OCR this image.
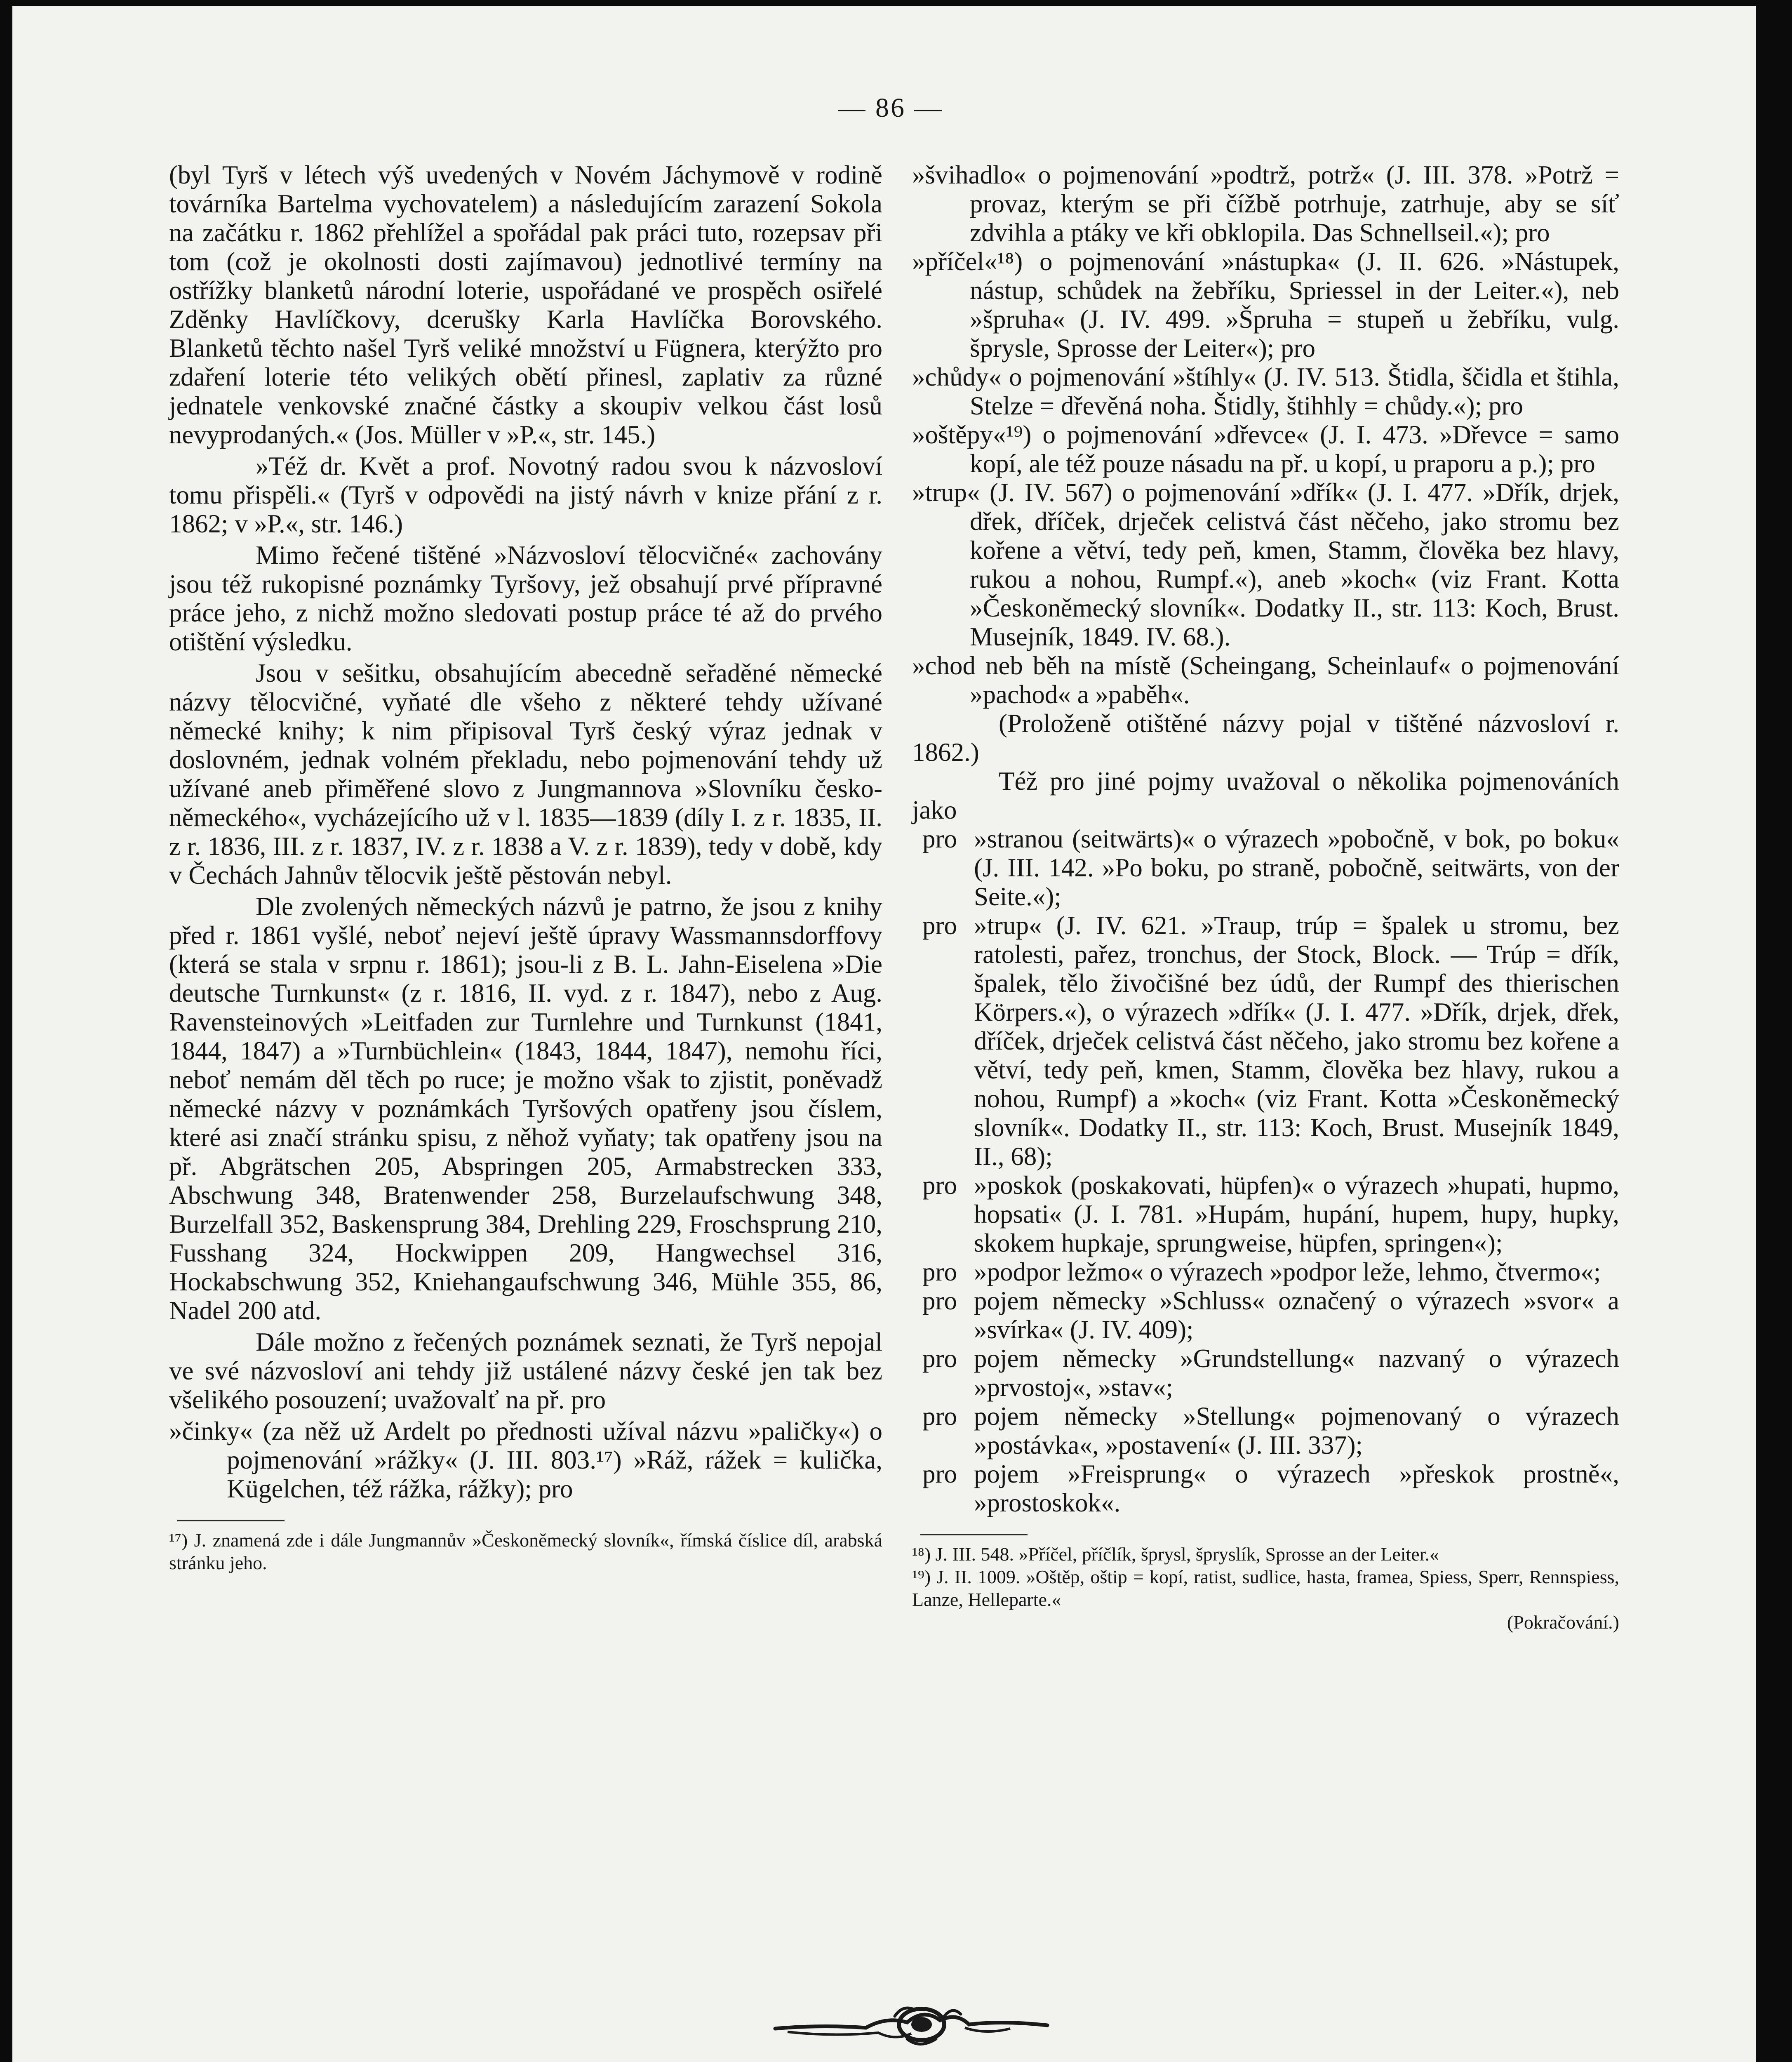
— 86 —

(byl Tyrš v létech výš uvedených v Novém Jáchymově v rodině továrníka Bartelma vychovatelem) a následujícím zarazení Sokola na začátku r. 1862 přehlížel a spořádal pak práci tuto, rozepsav při tom (což je okolnosti dosti zajímavou) jednotlivé termíny na ostřížky blanketů národní loterie, uspořádané ve prospěch osiřelé Zděnky Havlíčkovy, dcerušky Karla Havlíčka Borovského. Blanketů těchto našel Tyrš veliké množství u Fügnera, kterýžto pro zdaření loterie této velikých obětí přinesl, zaplativ za různé jednatele venkovské značné částky a skoupiv velkou část losů nevyprodaných.« (Jos. Müller v »P.«, str. 145.)

»Též dr. Květ a prof. Novotný radou svou k názvosloví tomu přispěli.« (Tyrš v odpovědi na jistý návrh v knize přání z r. 1862; v »P.«, str. 146.)

Mimo řečené tištěné »Názvosloví tělocvičné« zachovány jsou též rukopisné poznámky Tyršovy, jež obsahují prvé přípravné práce jeho, z nichž možno sledovati postup práce té až do prvého otištění výsledku.

Jsou v sešitku, obsahujícím abecedně seřaděné německé názvy tělocvičné, vyňaté dle všeho z některé tehdy užívané německé knihy; k nim připisoval Tyrš český výraz jednak v doslovném, jednak volném překladu, nebo pojmenování tehdy už užívané aneb přiměřené slovo z Jungmannova »Slovníku česko-německého«, vycházejícího už v l. 1835—1839 (díly I. z r. 1835, II. z r. 1836, III. z r. 1837, IV. z r. 1838 a V. z r. 1839), tedy v době, kdy v Čechách Jahnův tělocvik ještě pěstován nebyl.

Dle zvolených německých názvů je patrno, že jsou z knihy před r. 1861 vyšlé, neboť nejeví ještě úpravy Wassmannsdorffovy (která se stala v srpnu r. 1861); jsou-li z B. L. Jahn-Eiselena »Die deutsche Turnkunst« (z r. 1816, II. vyd. z r. 1847), nebo z Aug. Ravensteinových »Leitfaden zur Turnlehre und Turnkunst (1841, 1844, 1847) a »Turnbüchlein« (1843, 1844, 1847), nemohu říci, neboť nemám děl těch po ruce; je možno však to zjistit, poněvadž německé názvy v poznámkách Tyršových opatřeny jsou číslem, které asi značí stránku spisu, z něhož vyňaty; tak opatřeny jsou na př. Abgrätschen 205, Abspringen 205, Armabstrecken 333, Abschwung 348, Bratenwender 258, Burzelaufschwung 348, Burzelfall 352, Baskensprung 384, Drehling 229, Froschsprung 210, Fusshang 324, Hockwippen 209, Hangwechsel 316, Hockabschwung 352, Kniehangaufschwung 346, Mühle 355, 86, Nadel 200 atd.

Dále možno z řečených poznámek seznati, že Tyrš nepojal ve své názvosloví ani tehdy již ustálené názvy české jen tak bez všelikého posouzení; uvažovalť na př. pro

»činky« (za něž už Ardelt po přednosti užíval názvu »paličky«) o pojmenování »rážky« (J. III. 803.¹⁷) »Ráž, rážek = kulička, Kügelchen, též rážka, rážky); pro

¹⁷) J. znamená zde i dále Jungmannův »Českoněmecký slovník«, římská číslice díl, arabská stránku jeho.

»švihadlo« o pojmenování »podtrž, potrž« (J. III. 378. »Potrž = provaz, kterým se při čížbě potrhuje, zatrhuje, aby se síť zdvihla a ptáky ve kři obklopila. Das Schnellseil.«); pro

»příčel«¹⁸) o pojmenování »nástupka« (J. II. 626. »Nástupek, nástup, schůdek na žebříku, Spriessel in der Leiter.«), neb »špruha« (J. IV. 499. »Špruha = stupeň u žebříku, vulg. šprysle, Sprosse der Leiter«); pro

»chůdy« o pojmenování »štíhly« (J. IV. 513. Štidla, ščidla et štihla, Stelze = dřevěná noha. Štidly, štihhly = chůdy.«); pro

»oštěpy«¹⁹) o pojmenování »dřevce« (J. I. 473. »Dřevce = samo kopí, ale též pouze násadu na př. u kopí, u praporu a p.); pro

»trup« (J. IV. 567) o pojmenování »dřík« (J. I. 477. »Dřík, drjek, dřek, dříček, drječek celistvá část něčeho, jako stromu bez kořene a větví, tedy peň, kmen, Stamm, člověka bez hlavy, rukou a nohou, Rumpf.«), aneb »koch« (viz Frant. Kotta »Českoněmecký slovník«. Dodatky II., str. 113: Koch, Brust. Musejník, 1849. IV. 68.).

»chod neb běh na místě (Scheingang, Scheinlauf« o pojmenování »pachod« a »paběh«.

(Proloženě otištěné názvy pojal v tištěné názvosloví r. 1862.)

Též pro jiné pojmy uvažoval o několika pojmenováních jako

pro »stranou (seitwärts)« o výrazech »pobočně, v bok, po boku« (J. III. 142. »Po boku, po straně, pobočně, seitwärts, von der Seite.«);
pro »trup« (J. IV. 621. »Traup, trúp = špalek u stromu, bez ratolesti, pařez, tronchus, der Stock, Block. — Trúp = dřík, špalek, tělo živočišné bez údů, der Rumpf des thierischen Körpers.«), o výrazech »dřík« (J. I. 477. »Dřík, drjek, dřek, dříček, drječek celistvá část něčeho, jako stromu bez kořene a větví, tedy peň, kmen, Stamm, člověka bez hlavy, rukou a nohou, Rumpf) a »koch« (viz Frant. Kotta »Českoněmecký slovník«. Dodatky II., str. 113: Koch, Brust. Musejník 1849, II., 68);
pro »poskok (poskakovati, hüpfen)« o výrazech »hupati, hupmo, hopsati« (J. I. 781. »Hupám, hupání, hupem, hupy, hupky, skokem hupkaje, sprungweise, hüpfen, springen«);
pro »podpor ležmo« o výrazech »podpor leže, lehmo, čtvermo«;
pro pojem německy »Schluss« označený o výrazech »svor« a »svírka« (J. IV. 409);
pro pojem německy »Grundstellung« nazvaný o výrazech »prvostoj«, »stav«;
pro pojem německy »Stellung« pojmenovaný o výrazech »postávka«, »postavení« (J. III. 337);
pro pojem »Freisprung« o výrazech »přeskok prostně«, »prostoskok«.

¹⁸) J. III. 548. »Příčel, příčlík, šprysl, špryslík, Sprosse an der Leiter.«

¹⁹) J. II. 1009. »Oštěp, oštip = kopí, ratist, sudlice, hasta, framea, Spiess, Sperr, Rennspiess, Lanze, Helleparte.«

(Pokračování.)
